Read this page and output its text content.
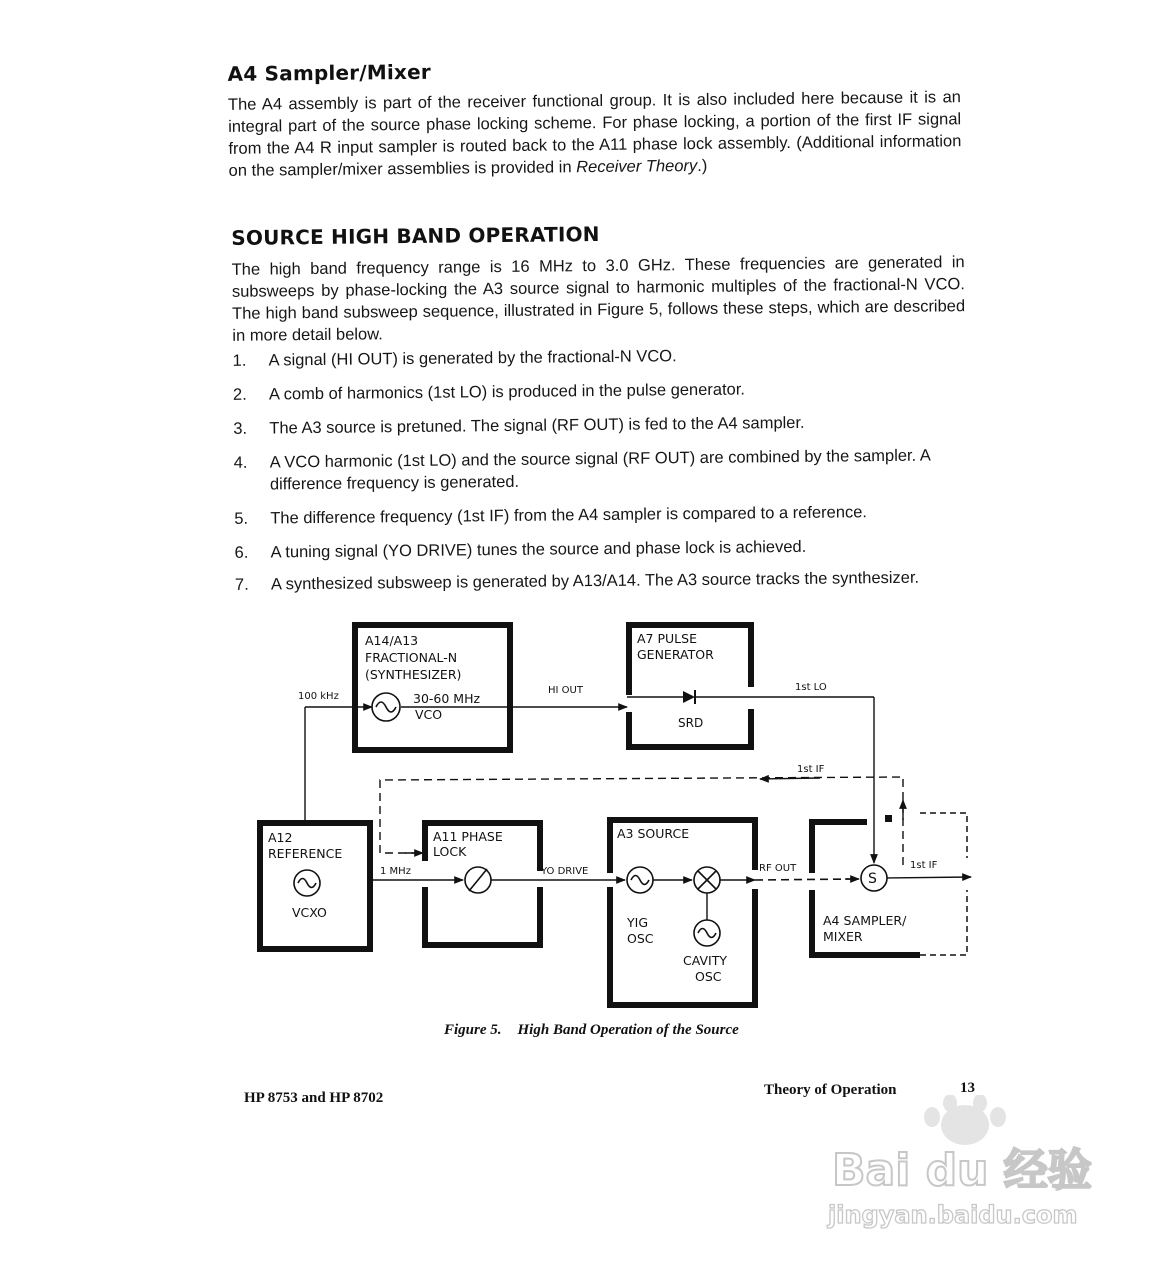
A4 Sampler/Mixer

The A4 assembly is part of the receiver functional group. It is also included here because it is an integral part of the source phase locking scheme. For phase locking, a portion of the first IF signal from the A4 R input sampler is routed back to the A11 phase lock assembly. (Additional information on the sampler/mixer assemblies is provided in Receiver Theory.)

SOURCE HIGH BAND OPERATION

The high band frequency range is 16 MHz to 3.0 GHz. These frequencies are generated in subsweeps by phase-locking the A3 source signal to harmonic multiples of the fractional-N VCO. The high band subsweep sequence, illustrated in Figure 5, follows these steps, which are described in more detail below.

1.	A signal (HI OUT) is generated by the fractional-N VCO.
2.	A comb of harmonics (1st LO) is produced in the pulse generator.
3.	The A3 source is pretuned. The signal (RF OUT) is fed to the A4 sampler.
4.	A VCO harmonic (1st LO) and the source signal (RF OUT) are combined by the sampler. A difference frequency is generated.
5.	The difference frequency (1st IF) from the A4 sampler is compared to a reference.
6.	A tuning signal (YO DRIVE) tunes the source and phase lock is achieved.
7.	A synthesized subsweep is generated by A13/A14. The A3 source tracks the synthesizer.
A14/A13
FRACTIONAL-N
(SYNTHESIZER)
30-60 MHz
VCO
A7 PULSE
GENERATOR
SRD
A12
REFERENCE
VCXO
A11 PHASE
LOCK
A3 SOURCE
YIG
OSC
CAVITY
OSC
A4 SAMPLER/
MIXER
S
100 kHz
HI OUT	1st LO
1st IF
1 MHz	YO DRIVE	RF OUT	1st IF
Figure 5. High Band Operation of the Source
HP 8753 and HP 8702	Theory of Operation	13
Bai du 经验
jingyan.baidu.com
